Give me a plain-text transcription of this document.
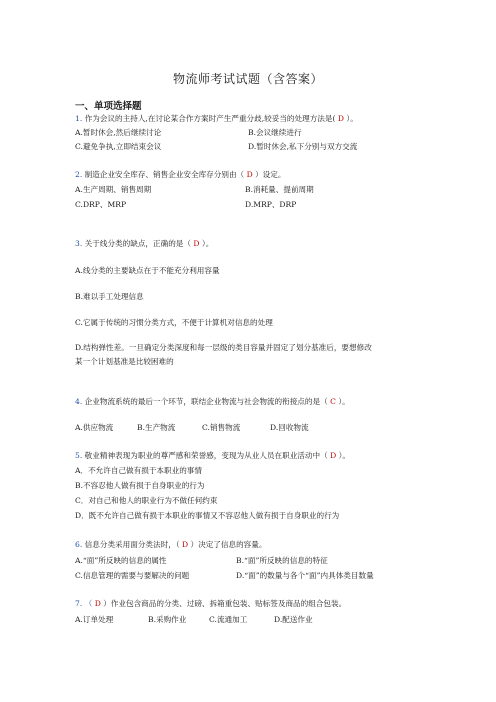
物流师考试试题（含答案）
一、单项选择题
1. 作为会议的主持人,在讨论某合作方案时产生严重分歧,较妥当的处理方法是( D ）。
A.暂时休会,然后继续讨论	B.会议继续进行
C.避免争执,立即结束会议	D.暂时休会,私下分别与双方交流
2. 制造企业安全库存、销售企业安全库存分别由（ D ）设定。
A.生产周期、销售周期	B.消耗量、提前周期
C.DRP、MRP	D.MRP、DRP
3. 关于线分类的缺点，正确的是（ D ）。
A.线分类的主要缺点在于不能充分利用容量
B.难以手工处理信息
C.它属于传统的习惯分类方式，不便于计算机对信息的处理
D.结构弹性差。一旦确定分类深度和每一层级的类目容量并固定了划分基准后，要想修改
某一个计划基准是比较困难的
4. 企业物流系统的最后一个环节，联结企业物流与社会物流的衔接点的是（ C ）。
A.供应物流	B.生产物流	C.销售物流	D.回收物流
5. 敬业精神表现为职业的尊严感和荣誉感，变现为从业人员在职业活动中（ D ）。
A．不允许自己做有损于本职业的事情
B.不容忍他人做有损于自身职业的行为
C．对自己和他人的职业行为不做任何约束
D．既不允许自己做有损于本职业的事情又不容忍他人做有损于自身职业的行为
6. 信息分类采用面分类法时，（ D ）决定了信息的容量。
A.“面”所反映的信息的属性	B.“面”所反映的信息的特征
C.信息管理的需要与要解决的问题	D.“面”的数量与各个“面”内具体类目数量
7. （ D ）作业包含商品的分类、过磅、拆箱重包装、贴标签及商品的组合包装。
A.订单处理	B.采购作业	C.流通加工	D.配送作业
